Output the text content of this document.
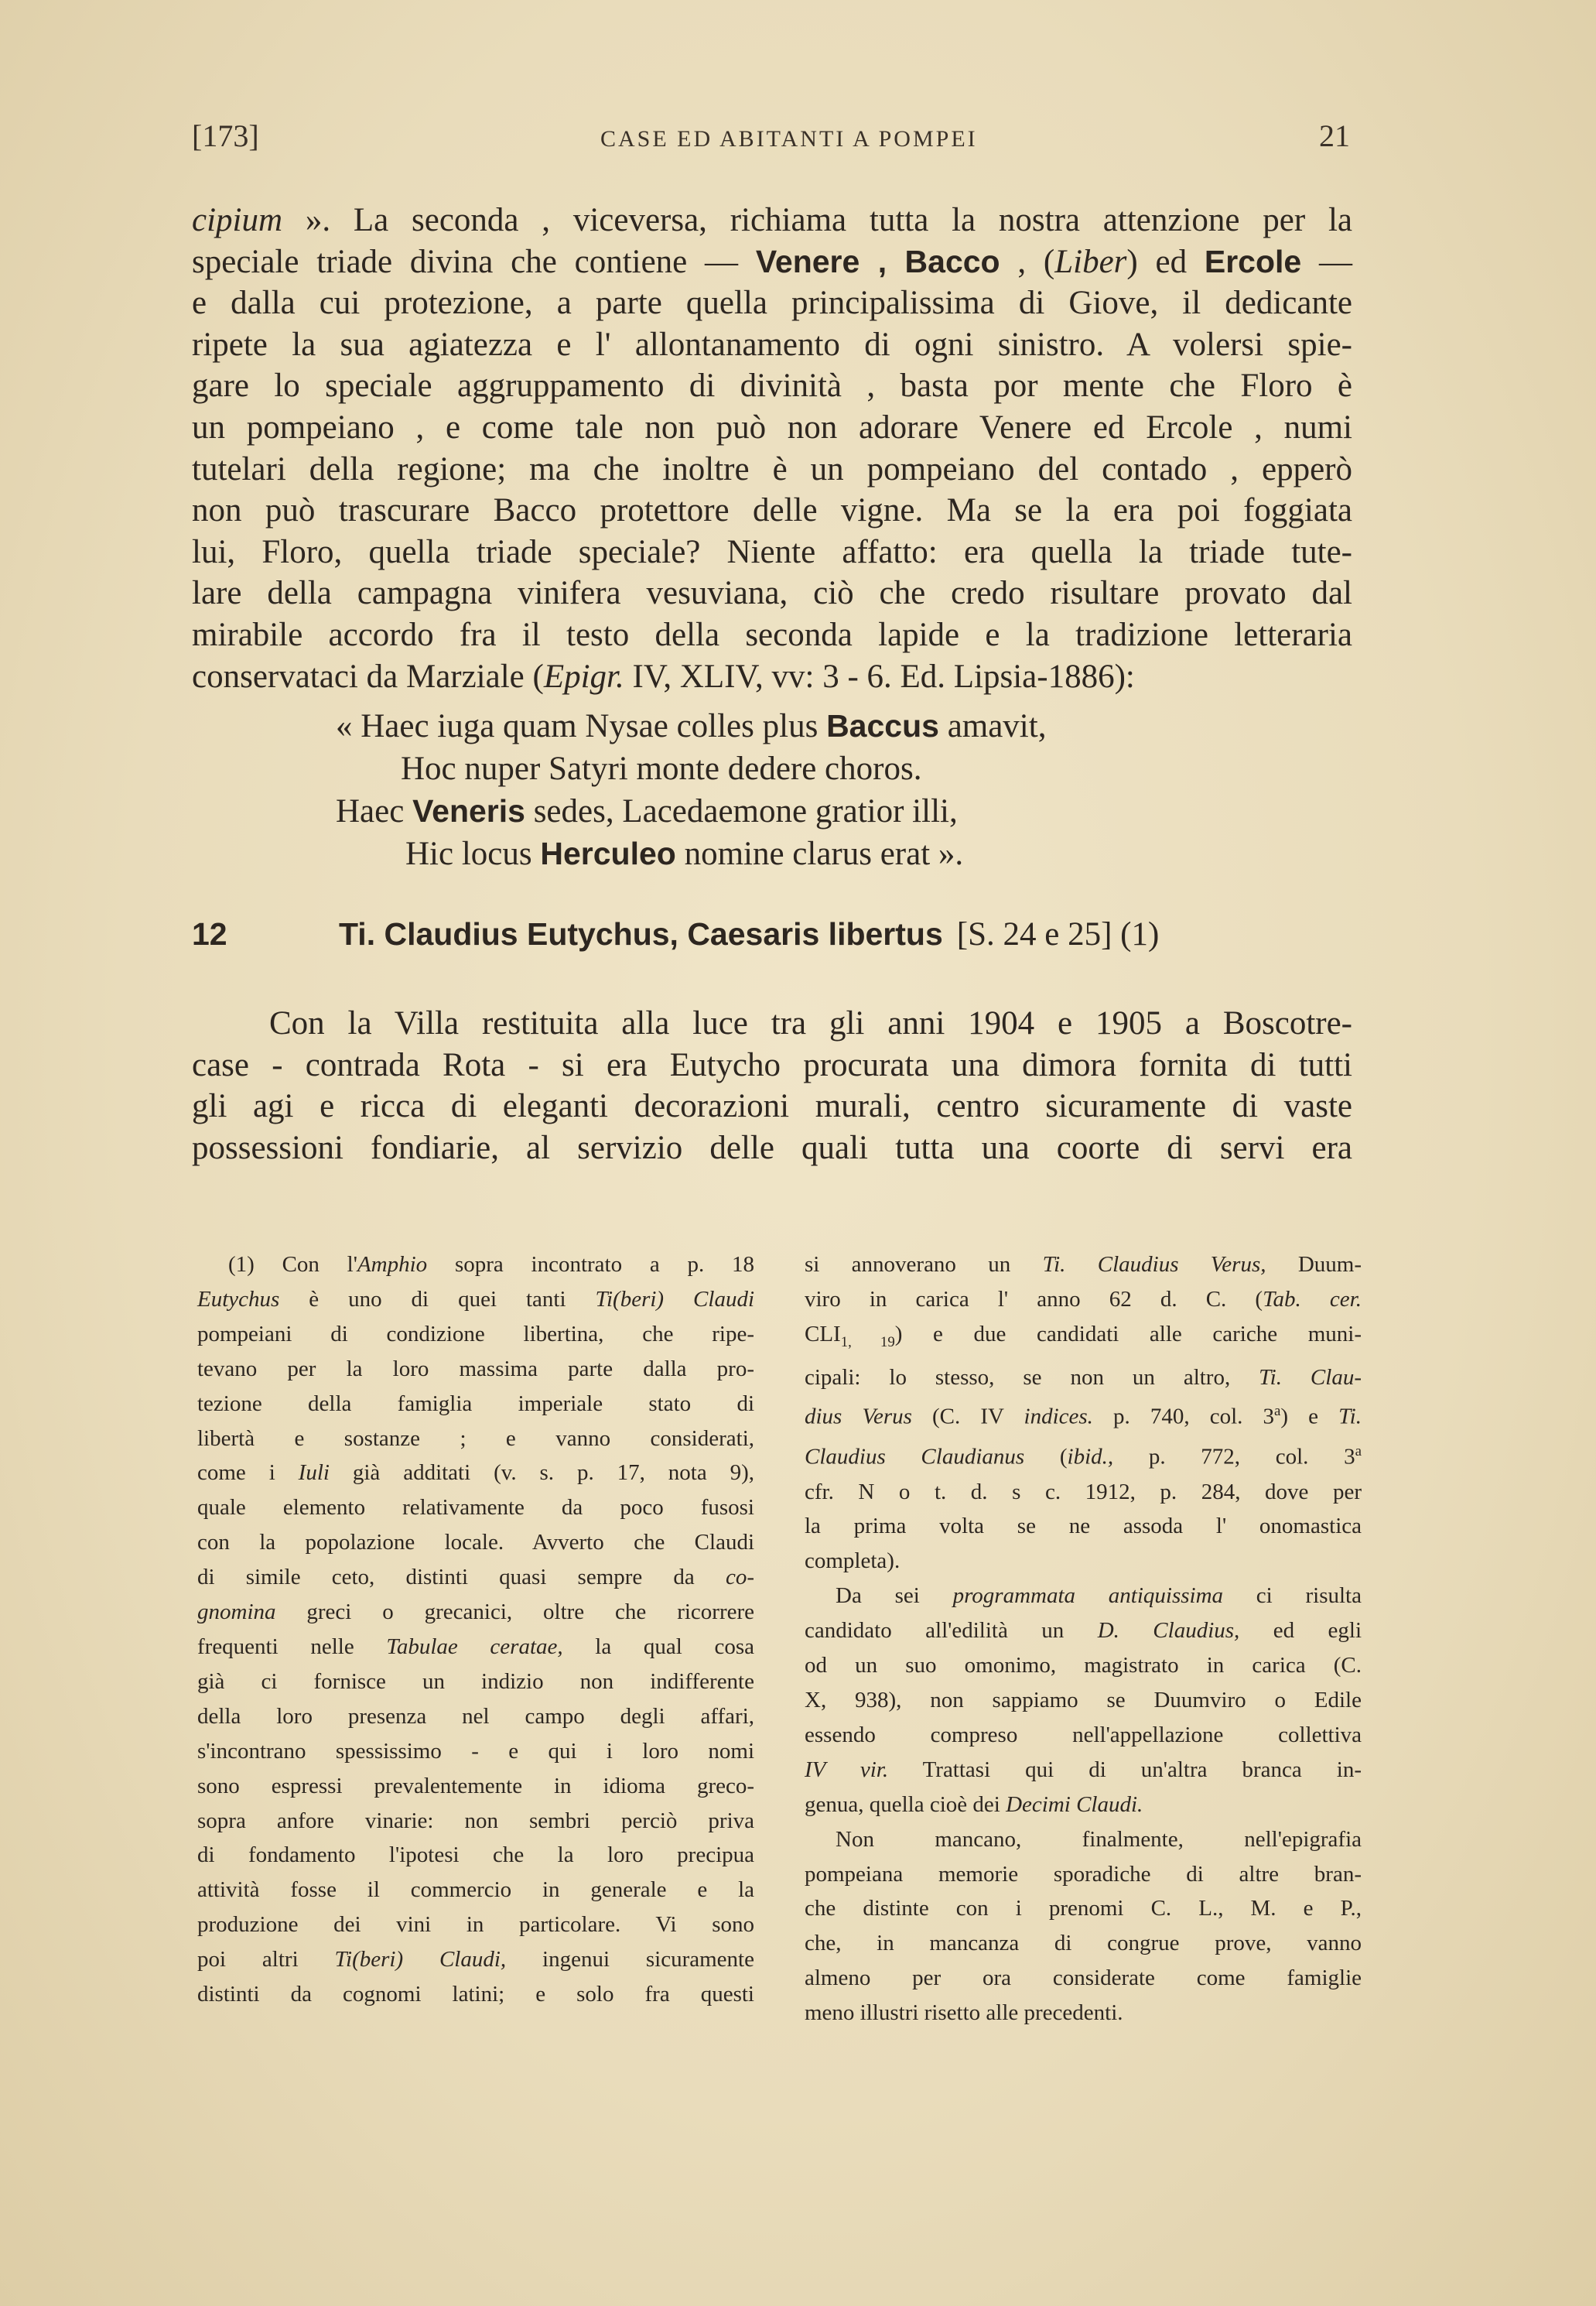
[173]	CASE ED ABITANTI A POMPEI	21

cipium ». La seconda , viceversa, richiama tutta la nostra attenzione per la
speciale triade divina che contiene — Venere , Bacco , (Liber) ed Ercole —
e dalla cui protezione, a parte quella principalissima di Giove, il dedicante
ripete la sua agiatezza e l' allontanamento di ogni sinistro. A volersi spie-
gare lo speciale aggruppamento di divinità , basta por mente che Floro è
un pompeiano , e come tale non può non adorare Venere ed Ercole , numi
tutelari della regione; ma che inoltre è un pompeiano del contado , epperò
non può trascurare Bacco protettore delle vigne. Ma se la era poi foggiata
lui, Floro, quella triade speciale? Niente affatto: era quella la triade tute-
lare della campagna vinifera vesuviana, ciò che credo risultare provato dal
mirabile accordo fra il testo della seconda lapide e la tradizione letteraria
conservataci da Marziale (Epigr. IV, XLIV, vv: 3 - 6. Ed. Lipsia-1886):

« Haec iuga quam Nysae colles plus Baccus amavit,
Hoc nuper Satyri monte dedere choros.
Haec Veneris sedes, Lacedaemone gratior illi,
Hic locus Herculeo nomine clarus erat ».
12	Ti. Claudius Eutychus, Caesaris libertus [S. 24 e 25] (1)

Con la Villa restituita alla luce tra gli anni 1904 e 1905 a Boscotre-
case - contrada Rota - si era Eutycho procurata una dimora fornita di tutti
gli agi e ricca di eleganti decorazioni murali, centro sicuramente di vaste
possessioni fondiarie, al servizio delle quali tutta una coorte di servi era

(1) Con l'Amphio sopra incontrato a p. 18
Eutychus è uno di quei tanti Ti(beri) Claudi
pompeiani di condizione libertina, che ripe-
tevano per la loro massima parte dalla pro-
tezione della famiglia imperiale stato di
libertà e sostanze ; e vanno considerati,
come i Iuli già additati (v. s. p. 17, nota 9),
quale elemento relativamente da poco fusosi
con la popolazione locale. Avverto che Claudi
di simile ceto, distinti quasi sempre da co-
gnomina greci o grecanici, oltre che ricorrere
frequenti nelle Tabulae ceratae, la qual cosa
già ci fornisce un indizio non indifferente
della loro presenza nel campo degli affari,
s'incontrano spessissimo - e qui i loro nomi
sono espressi prevalentemente in idioma greco-
sopra anfore vinarie: non sembri perciò priva
di fondamento l'ipotesi che la loro precipua
attività fosse il commercio in generale e la
produzione dei vini in particolare. Vi sono
poi altri Ti(beri) Claudi, ingenui sicuramente
distinti da cognomi latini; e solo fra questi
si annoverano un Ti. Claudius Verus, Duum-
viro in carica l' anno 62 d. C. (Tab. cer.
$CLI_{1, 19}$) e due candidati alle cariche muni-
cipali: lo stesso, se non un altro, Ti. Clau-
dius Verus (C. IV indices. p. 740, col. 3$^a$) e Ti.
Claudius Claudianus (ibid., p. 772, col. 3$^a$
cfr. N o t. d. s c. 1912, p. 284, dove per
la prima volta se ne assoda l' onomastica
completa).
Da sei programmata antiquissima ci risulta
candidato all'edilità un D. Claudius, ed egli
od un suo omonimo, magistrato in carica (C.
X, 938), non sappiamo se Duumviro o Edile
essendo compreso nell'appellazione collettiva
IV vir. Trattasi qui di un'altra branca in-
genua, quella cioè dei Decimi Claudi.
Non mancano, finalmente, nell'epigrafia
pompeiana memorie sporadiche di altre bran-
che distinte con i prenomi C. L., M. e P.,
che, in mancanza di congrue prove, vanno
almeno per ora considerate come famiglie
meno illustri risetto alle precedenti.
